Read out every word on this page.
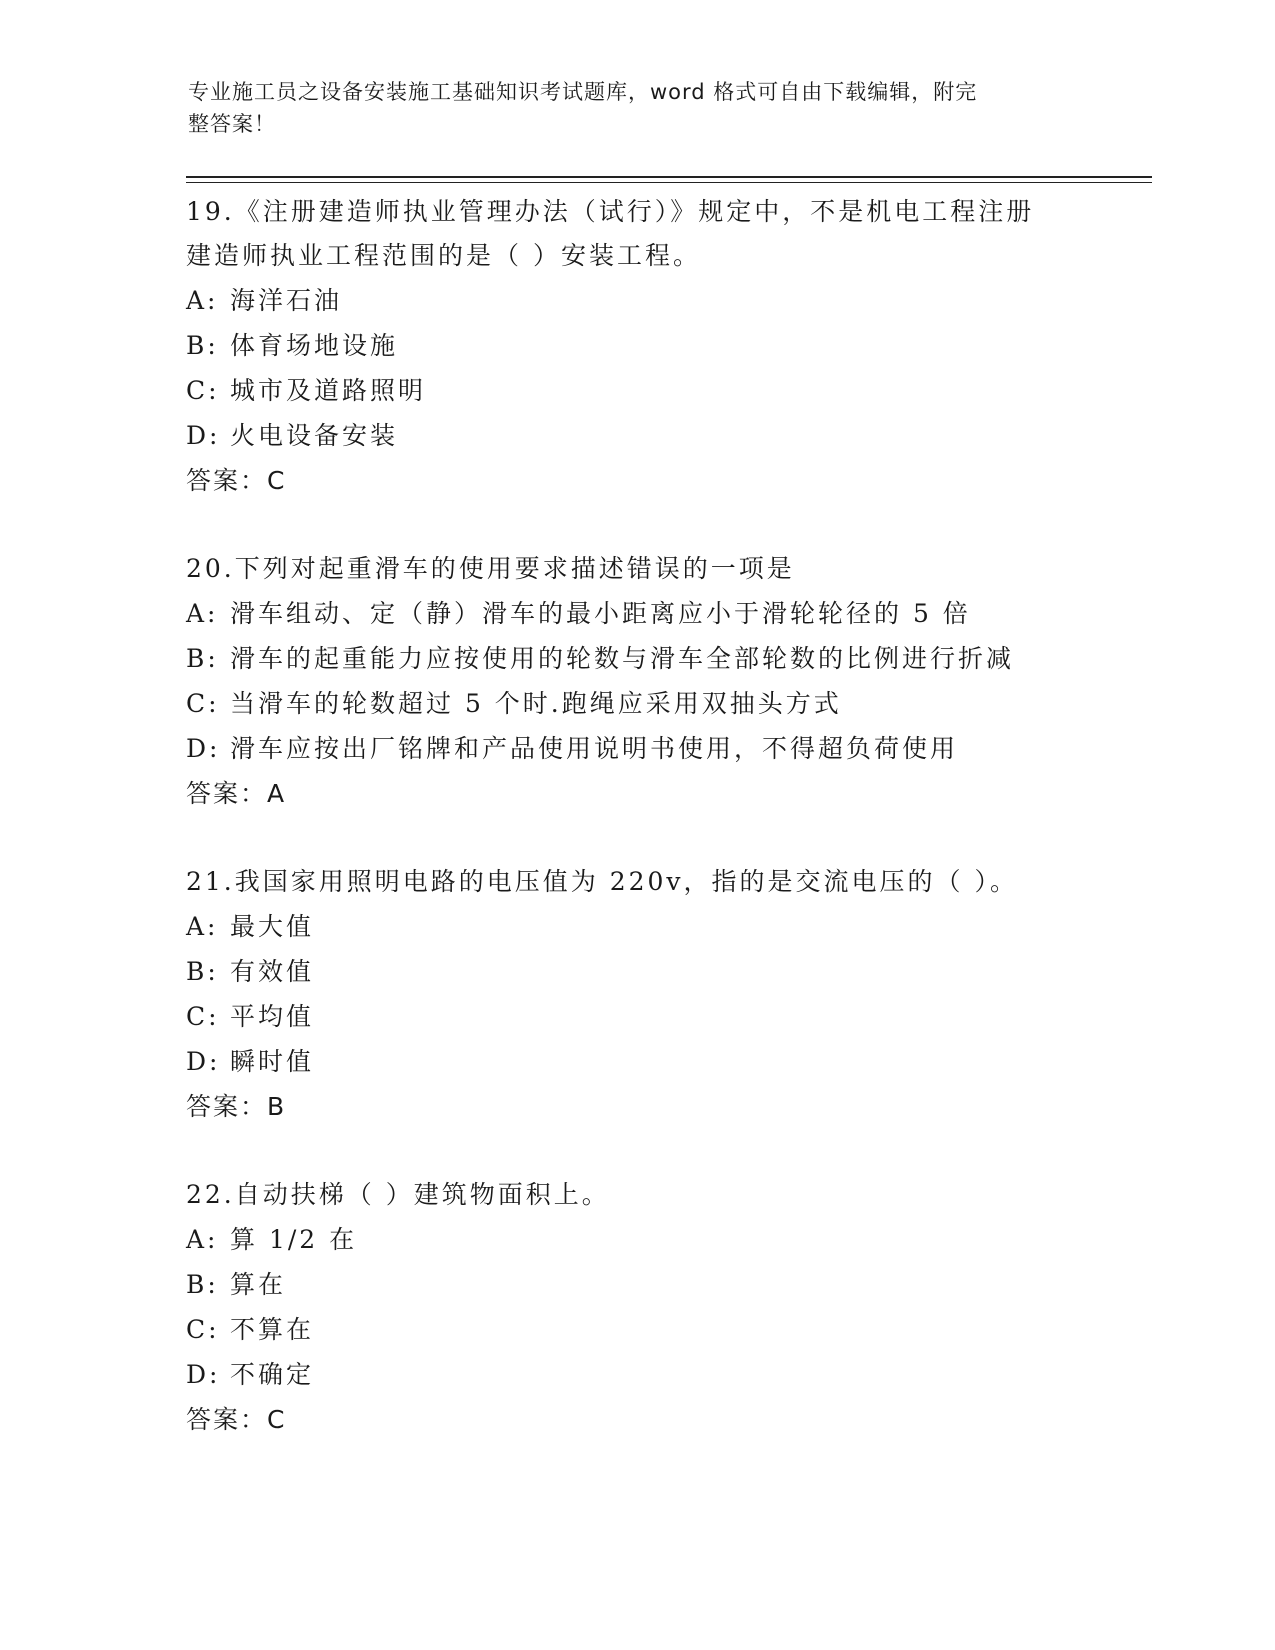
专业施工员之设备安装施工基础知识考试题库，word 格式可自由下载编辑，附完
整答案！

19.《注册建造师执业管理办法（试行）》规定中，不是机电工程注册

建造师执业工程范围的是（ ）安装工程。

A: 海洋石油

B: 体育场地设施

C: 城市及道路照明

D: 火电设备安装

答案：C

20.下列对起重滑车的使用要求描述错误的一项是

A: 滑车组动、定（静）滑车的最小距离应小于滑轮轮径的 5 倍

B: 滑车的起重能力应按使用的轮数与滑车全部轮数的比例进行折减

C: 当滑车的轮数超过 5 个时.跑绳应采用双抽头方式

D: 滑车应按出厂铭牌和产品使用说明书使用，不得超负荷使用

答案：A

21.我国家用照明电路的电压值为 220v，指的是交流电压的（ ）。

A: 最大值

B: 有效值

C: 平均值

D: 瞬时值

答案：B

22.自动扶梯（ ）建筑物面积上。

A: 算 1/2 在

B: 算在

C: 不算在

D: 不确定

答案：C
